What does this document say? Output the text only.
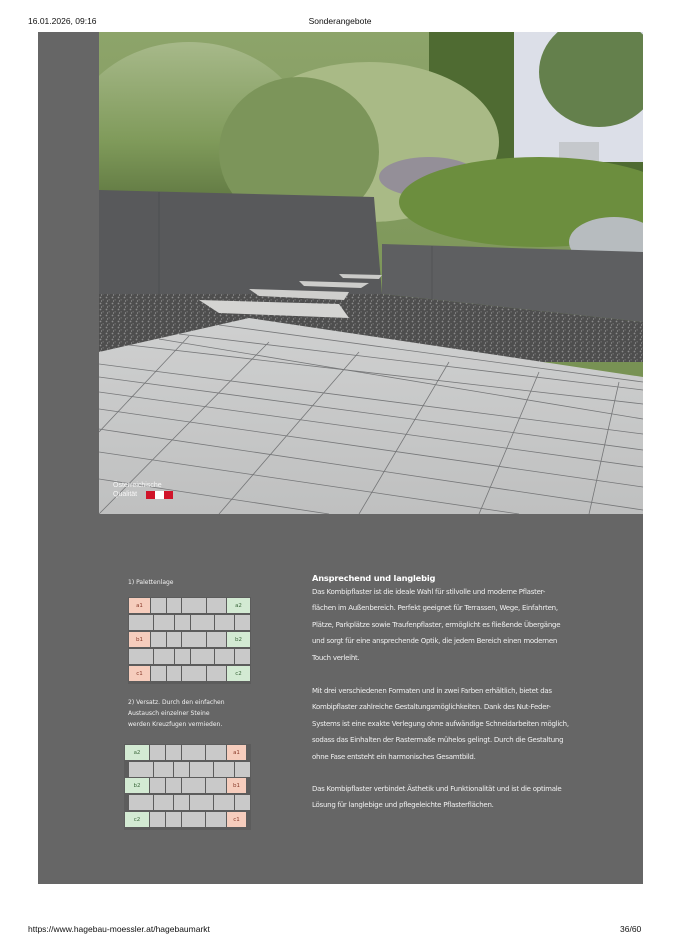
16.01.2026, 09:16	Sonderangebote
Österreichische
Qualität
1) Palettenlage
a1	a2
b1	b2
c1	c2
2) Versatz. Durch den einfachen
Austausch einzelner Steine
werden Kreuzfugen vermieden.
a2	a1
b2	b1
c2	c1
Ansprechend und langlebig
Das Kombipflaster ist die ideale Wahl für stilvolle und moderne Pflaster-
flächen im Außenbereich. Perfekt geeignet für Terrassen, Wege, Einfahrten,
Plätze, Parkplätze sowie Traufenpflaster, ermöglicht es fließende Übergänge
und sorgt für eine ansprechende Optik, die jedem Bereich einen modernen
Touch verleiht.
Mit drei verschiedenen Formaten und in zwei Farben erhältlich, bietet das
Kombipflaster zahlreiche Gestaltungsmöglichkeiten. Dank des Nut-Feder-
Systems ist eine exakte Verlegung ohne aufwändige Schneidarbeiten möglich,
sodass das Einhalten der Rastermaße mühelos gelingt. Durch die Gestaltung
ohne Fase entsteht ein harmonisches Gesamtbild.
Das Kombipflaster verbindet Ästhetik und Funktionalität und ist die optimale
Lösung für langlebige und pflegeleichte Pflasterflächen.
https://www.hagebau-moessler.at/hagebaumarkt	36/60
